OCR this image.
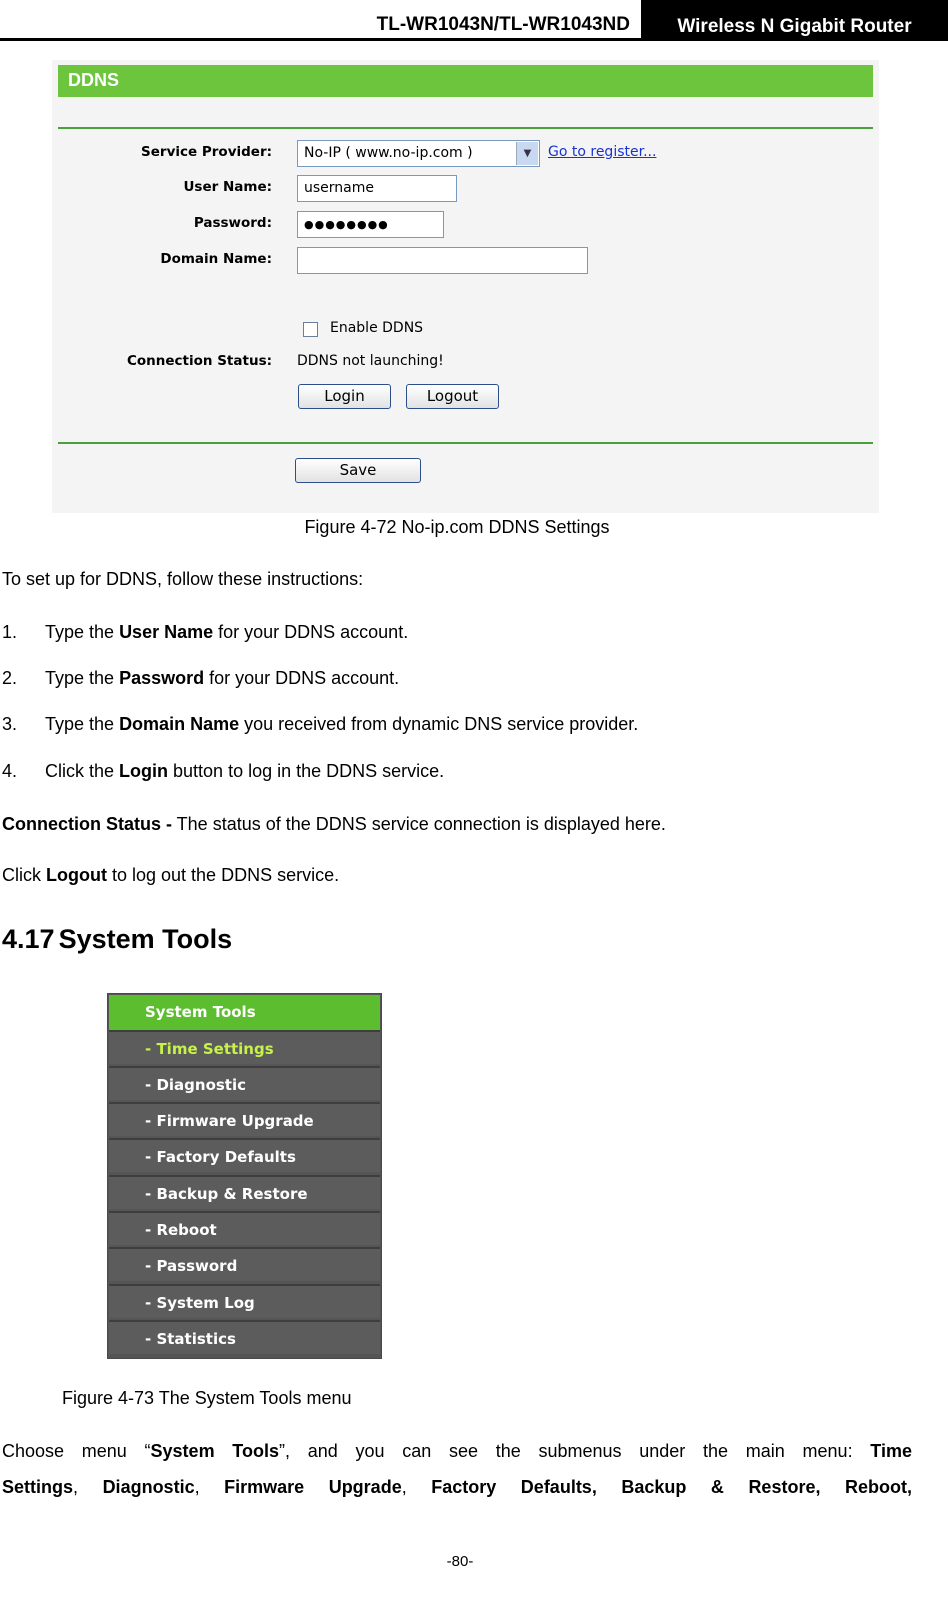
TL-WR1043N/TL-WR1043ND	Wireless N Gigabit Router
DDNS
Service Provider:	No-IP ( www.no-ip.com )	▼	Go to register...
User Name:	username
Password:	●●●●●●●●
Domain Name:
Enable DDNS
Connection Status: DDNS not launching!
Login	Logout
Save
Figure 4-72 No-ip.com DDNS Settings
To set up for DDNS, follow these instructions:
1. Type the User Name for your DDNS account.
2. Type the Password for your DDNS account.
3. Type the Domain Name you received from dynamic DNS service provider.
4. Click the Login button to log in the DDNS service.
Connection Status - The status of the DDNS service connection is displayed here.
Click Logout to log out the DDNS service.
4.17 System Tools
System Tools
- Time Settings
- Diagnostic
- Firmware Upgrade
- Factory Defaults
- Backup & Restore
- Reboot
- Password
- System Log
- Statistics
Figure 4-73 The System Tools menu
Choose menu “System Tools”, and you can see the submenus under the main menu: Time
Settings, Diagnostic, Firmware Upgrade, Factory Defaults, Backup & Restore, Reboot,
-80-
